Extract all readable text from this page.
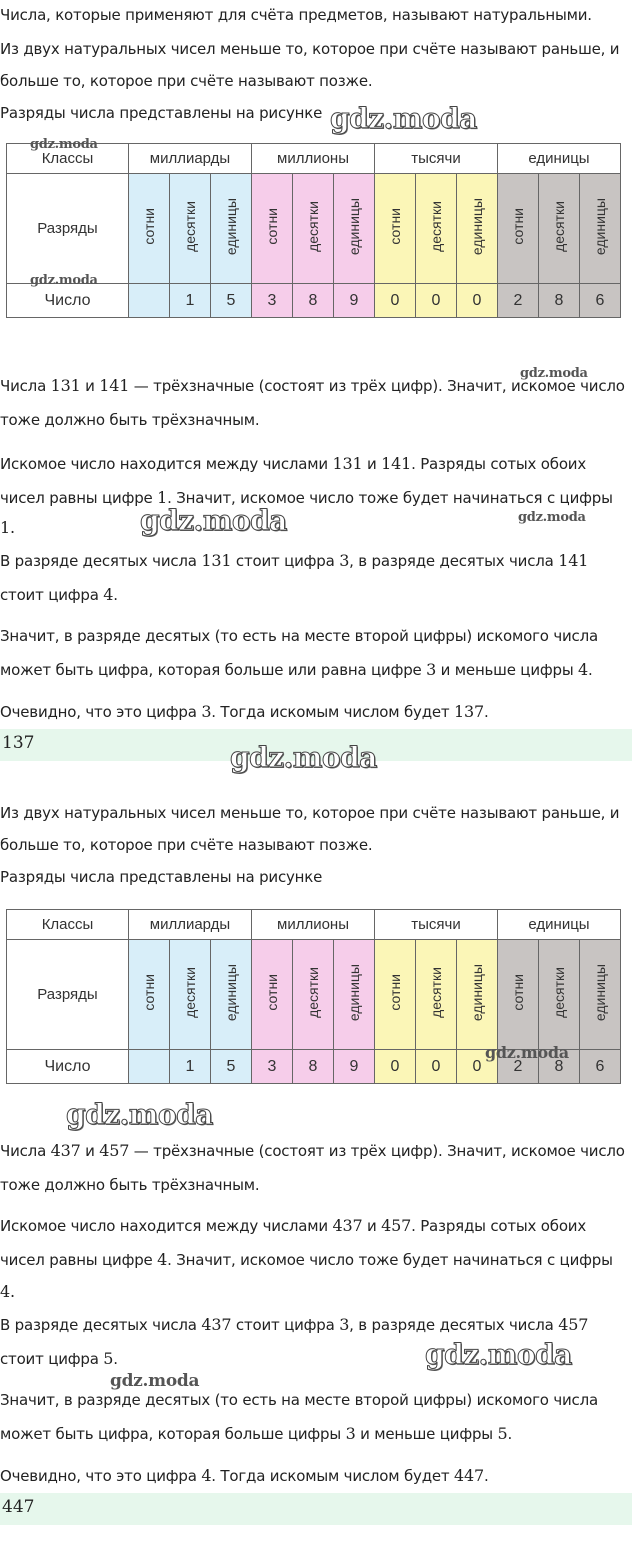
Числа, которые применяют для счёта предметов, называют натуральными.
Из двух натуральных чисел меньше то, которое при счёте называют раньше, и
больше то, которое при счёте называют позже.
Разряды числа представлены на рисунке
Классы	миллиарды			миллионы			тысячи			единицы		
Разряды	сотни	десятки	единицы	сотни	десятки	единицы	сотни	десятки	единицы	сотни	десятки	единицы
Число		1	5	3	8	9	0	0	0	2	8	6
Числа 131 и 141 — трёхзначные (состоят из трёх цифр). Значит, искомое число
тоже должно быть трёхзначным.
Искомое число находится между числами 131 и 141. Разряды сотых обоих
чисел равны цифре 1. Значит, искомое число тоже будет начинаться с цифры
1.
В разряде десятых числа 131 стоит цифра 3, в разряде десятых числа 141
стоит цифра 4.
Значит, в разряде десятых (то есть на месте второй цифры) искомого числа
может быть цифра, которая больше или равна цифре 3 и меньше цифры 4.
Очевидно, что это цифра 3. Тогда искомым числом будет 137.
137
Из двух натуральных чисел меньше то, которое при счёте называют раньше, и
больше то, которое при счёте называют позже.
Разряды числа представлены на рисунке
Классы	миллиарды			миллионы			тысячи			единицы		
Разряды	сотни	десятки	единицы	сотни	десятки	единицы	сотни	десятки	единицы	сотни	десятки	единицы
Число		1	5	3	8	9	0	0	0	2	8	6
Числа 437 и 457 — трёхзначные (состоят из трёх цифр). Значит, искомое число
тоже должно быть трёхзначным.
Искомое число находится между числами 437 и 457. Разряды сотых обоих
чисел равны цифре 4. Значит, искомое число тоже будет начинаться с цифры
4.
В разряде десятых числа 437 стоит цифра 3, в разряде десятых числа 457
стоит цифра 5.
Значит, в разряде десятых (то есть на месте второй цифры) искомого числа
может быть цифра, которая больше цифры 3 и меньше цифры 5.
Очевидно, что это цифра 4. Тогда искомым числом будет 447.
447
gdz.moda
gdz.moda
gdz.moda
gdz.moda
gdz.moda	gdz.moda
gdz.moda
gdz.moda
gdz.moda
gdz.moda
gdz.moda
